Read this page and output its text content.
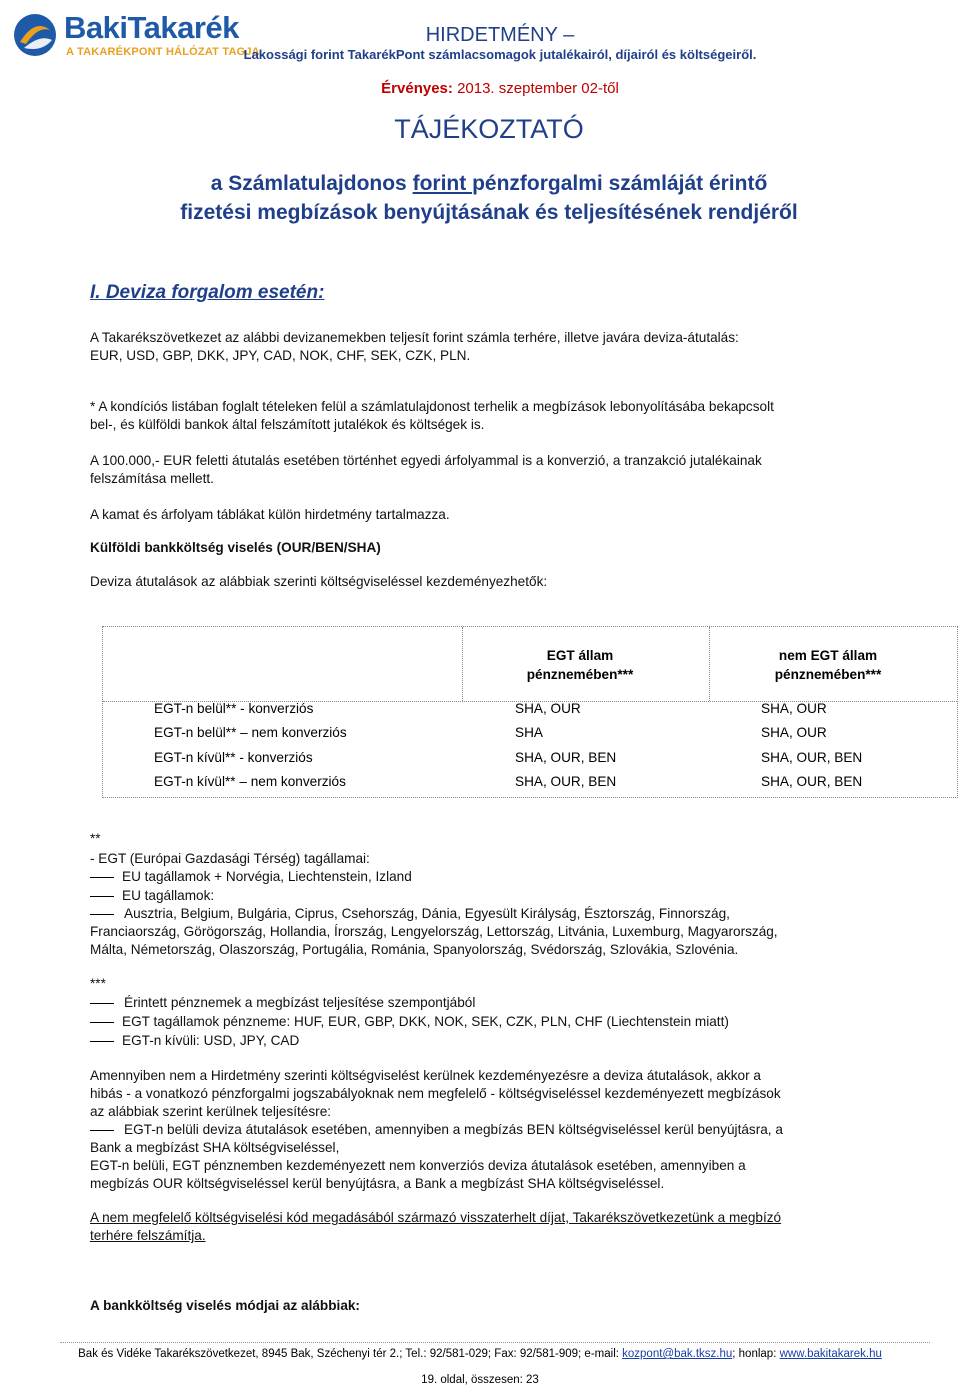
BakiTakarék
A TAKARÉKPONT HÁLÓZAT TAGJA
HIRDETMÉNY –
Lakossági forint TakarékPont számlacsomagok jutalékairól, díjairól és költségeiről.
Érvényes: 2013. szeptember 02-től
TÁJÉKOZTATÓ
a Számlatulajdonos forint pénzforgalmi számláját érintő
fizetési megbízások benyújtásának és teljesítésének rendjéről
I. Deviza forgalom esetén:
A Takarékszövetkezet az alábbi devizanemekben teljesít forint számla terhére, illetve javára deviza-átutalás:
EUR, USD, GBP, DKK, JPY, CAD, NOK, CHF, SEK, CZK, PLN.
* A kondíciós listában foglalt tételeken felül a számlatulajdonost terhelik a megbízások lebonyolításába bekapcsolt
bel-, és külföldi bankok által felszámított jutalékok és költségek is.
A 100.000,- EUR feletti átutalás esetében történhet egyedi árfolyammal is a konverzió, a tranzakció jutalékainak
felszámítása mellett.
A kamat és árfolyam táblákat külön hirdetmény tartalmazza.
Külföldi bankköltség viselés (OUR/BEN/SHA)
Deviza átutalások az alábbiak szerinti költségviseléssel kezdeményezhetők:
EGT állam
pénznemében***
nem EGT állam
pénznemében***
EGT-n belül** - konverziós	SHA, OUR	SHA, OUR
EGT-n belül** – nem konverziós	SHA	SHA, OUR
EGT-n kívül** - konverziós	SHA, OUR, BEN	SHA, OUR, BEN
EGT-n kívül** – nem konverziós	SHA, OUR, BEN	SHA, OUR, BEN
**
- EGT (Európai Gazdasági Térség) tagállamai:
EU tagállamok + Norvégia, Liechtenstein, Izland
EU tagállamok:
Ausztria, Belgium, Bulgária, Ciprus, Csehország, Dánia, Egyesült Királyság, Észtország, Finnország,
Franciaország, Görögország, Hollandia, Írország, Lengyelország, Lettország, Litvánia, Luxemburg, Magyarország,
Málta, Németország, Olaszország, Portugália, Románia, Spanyolország, Svédország, Szlovákia, Szlovénia.
***
Érintett pénznemek a megbízást teljesítése szempontjából
EGT tagállamok pénzneme: HUF, EUR, GBP, DKK, NOK, SEK, CZK, PLN, CHF (Liechtenstein miatt)
EGT-n kívüli: USD, JPY, CAD
Amennyiben nem a Hirdetmény szerinti költségviselést kerülnek kezdeményezésre a deviza átutalások, akkor a
hibás - a vonatkozó pénzforgalmi jogszabályoknak nem megfelelő - költségviseléssel kezdeményezett megbízások
az alábbiak szerint kerülnek teljesítésre:
EGT-n belüli deviza átutalások esetében, amennyiben a megbízás BEN költségviseléssel kerül benyújtásra, a
Bank a megbízást SHA költségviseléssel,
EGT-n belüli, EGT pénznemben kezdeményezett nem konverziós deviza átutalások esetében, amennyiben a
megbízás OUR költségviseléssel kerül benyújtásra, a Bank a megbízást SHA költségviseléssel.
A nem megfelelő költségviselési kód megadásából származó visszaterhelt díjat, Takarékszövetkezetünk a megbízó
terhére felszámítja.
A bankköltség viselés módjai az alábbiak:
Bak és Vidéke Takarékszövetkezet, 8945 Bak, Széchenyi tér 2.; Tel.: 92/581-029; Fax: 92/581-909; e-mail: kozpont@bak.tksz.hu; honlap: www.bakitakarek.hu
19. oldal, összesen: 23
